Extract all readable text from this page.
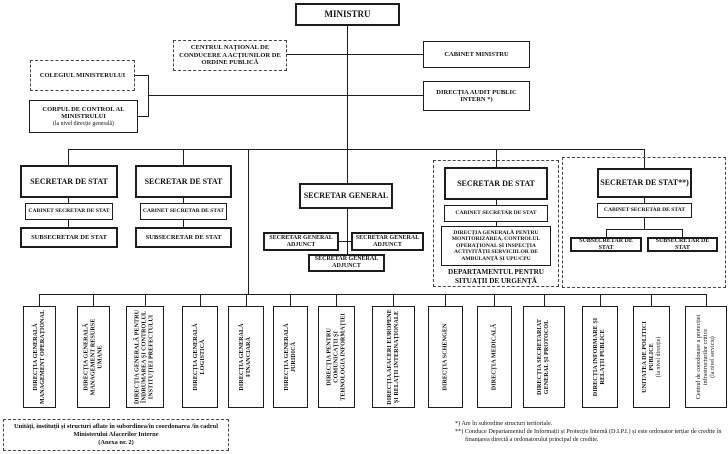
MINISTRU
COLEGIUL MINISTERULUI
CORPUL DE CONTROL AL MINISTRULUI
(la nivel direcție generală)
CENTRUL NAȚIONAL DE CONDUCERE A ACȚIUNILOR DE ORDINE PUBLICĂ
CABINET MINISTRU
DIRECȚIA AUDIT PUBLIC INTERN *)
SECRETAR DE STAT
CABINET SECRETAR DE STAT
SUBSECRETAR DE STAT
SECRETAR DE STAT
CABINET SECRETAR DE STAT
SUBSECRETAR DE STAT
SECRETAR GENERAL
SECRETAR GENERAL ADJUNCT
SECRETAR GENERAL ADJUNCT
SECRETAR GENERAL ADJUNCT
SECRETAR DE STAT
CABINET SECRETAR DE STAT
DIRECȚIA GENERALĂ PENTRU MONITORIZAREA, CONTROLUL OPERAȚIONAL ȘI INSPECȚIA ACTIVITĂȚII SERVICIILOR DE AMBULANȚĂ ȘI UPU/CPU
DEPARTAMENTUL PENTRU SITUAȚII DE URGENȚĂ
SECRETAR DE STAT**)
CABINET SECRETAR DE STAT
SUBSECRETAR DE STAT
SUBSECRETAR DE STAT
DIRECȚIA GENERALĂ MANAGEMENT OPERAȚIONAL	DIRECȚIA GENERALĂ MANAGEMENT RESURSE UMANE	DIRECȚIA GENERALĂ PENTRU ÎNDRUMAREA ȘI CONTROLUL INSTITUȚIEI PREFECTULUI	DIRECȚIA GENERALĂ LOGISTICĂ	DIRECȚIA GENERALĂ FINANCIARĂ	DIRECȚIA GENERALĂ JURIDICĂ	DIRECȚIA PENTRU COMUNICAȚII ȘI TEHNOLOGIA INFORMAȚIEI	DIRECȚIA AFACERI EUROPENE ȘI RELAȚII INTERNAȚIONALE	DIRECȚIA SCHENGEN	DIRECȚIA MEDICALĂ	DIRECȚIA SECRETARIAT GENERAL ȘI PROTOCOL	DIRECȚIA INFORMARE ȘI RELAȚII PUBLICE	UNITATEA DE POLITICI PUBLICE (la nivel direcție)	Centrul de coordonare a protecției infrastructurilor critice (la nivel serviciu)
Unități, instituții și structuri aflate în subordinea/în coordonarea /în cadrul Ministerului Afacerilor Interne
(Anexa nr. 2)
*) Are în subordine structuri teritoriale.
**) Conduce Departamentul de Informații și Protecție Internă (D.I.P.I.) și este ordonator terțiar de credite în finanțarea directă a ordonatorului principal de credite.
